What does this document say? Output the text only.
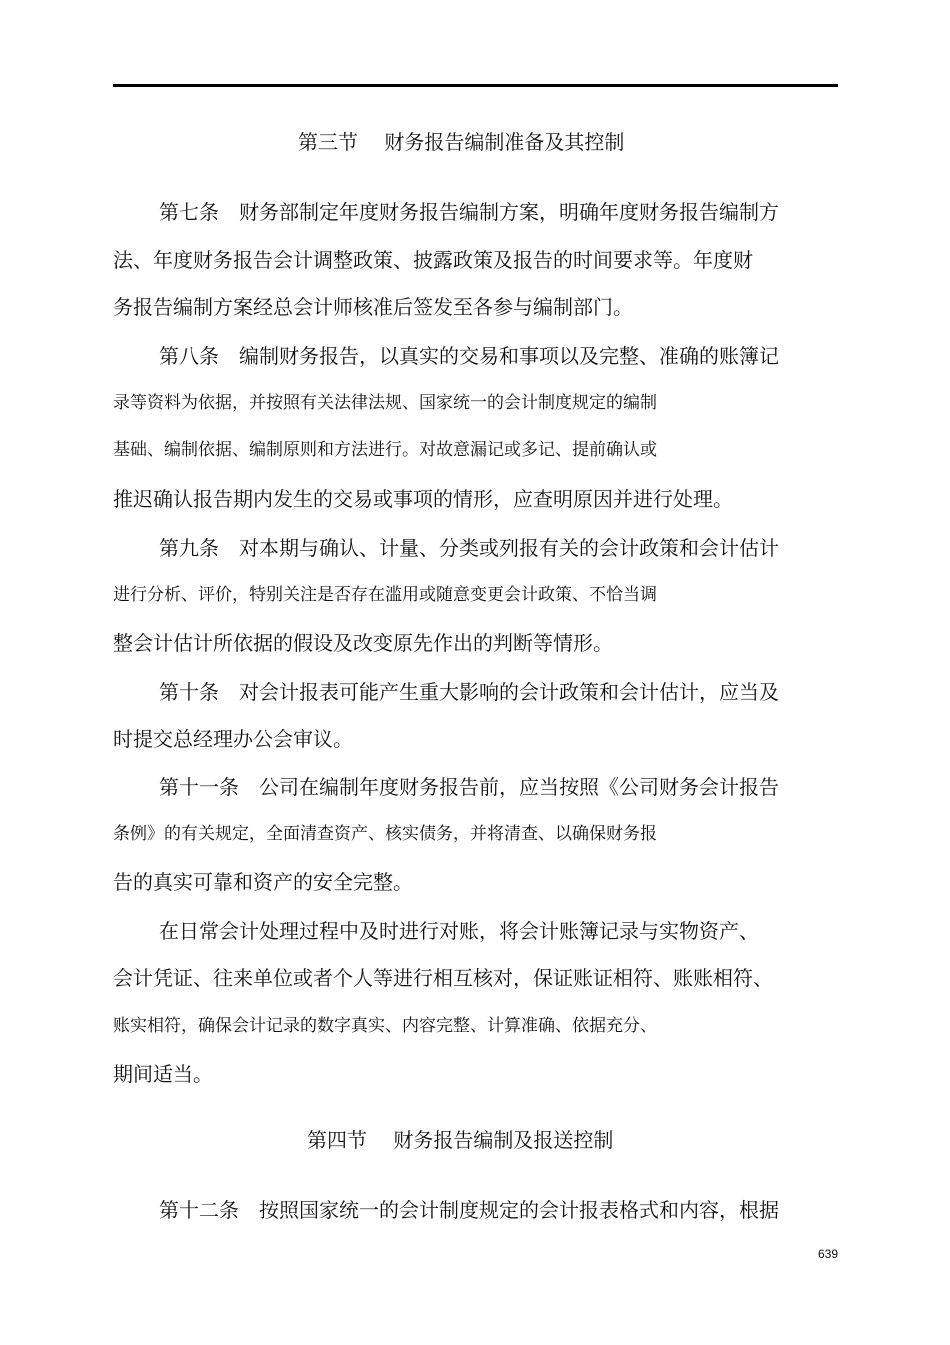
第三节　 财务报告编制准备及其控制
第七条　财务部制定年度财务报告编制方案，明确年度财务报告编制方
法、年度财务报告会计调整政策、披露政策及报告的时间要求等。年度财
务报告编制方案经总会计师核准后签发至各参与编制部门。
第八条　编制财务报告，以真实的交易和事项以及完整、准确的账簿记
录等资料为依据，并按照有关法律法规、国家统一的会计制度规定的编制
基础、编制依据、编制原则和方法进行。对故意漏记或多记、提前确认或
推迟确认报告期内发生的交易或事项的情形，应查明原因并进行处理。
第九条　对本期与确认、计量、分类或列报有关的会计政策和会计估计
进行分析、评价，特别关注是否存在滥用或随意变更会计政策、不恰当调
整会计估计所依据的假设及改变原先作出的判断等情形。
第十条　对会计报表可能产生重大影响的会计政策和会计估计，应当及
时提交总经理办公会审议。
第十一条　公司在编制年度财务报告前，应当按照《公司财务会计报告
条例》的有关规定，全面清查资产、核实债务，并将清查、以确保财务报
告的真实可靠和资产的安全完整。
在日常会计处理过程中及时进行对账，将会计账簿记录与实物资产、
会计凭证、往来单位或者个人等进行相互核对，保证账证相符、账账相符、
账实相符，确保会计记录的数字真实、内容完整、计算准确、依据充分、
期间适当。
第四节　 财务报告编制及报送控制
第十二条　按照国家统一的会计制度规定的会计报表格式和内容，根据
639
